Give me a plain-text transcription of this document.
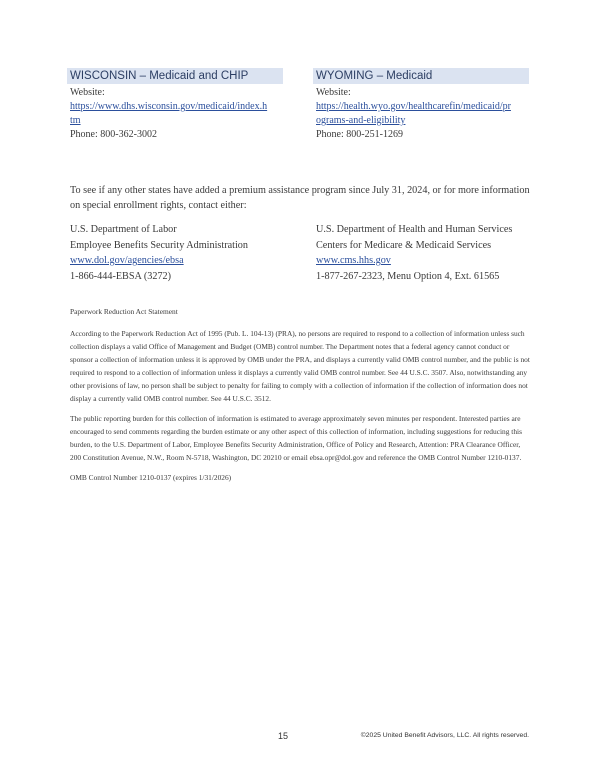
WISCONSIN – Medicaid and CHIP
Website:
https://www.dhs.wisconsin.gov/medicaid/index.h
tm
Phone: 800-362-3002
WYOMING – Medicaid
Website:
https://health.wyo.gov/healthcarefin/medicaid/pr
ograms-and-eligibility
Phone: 800-251-1269
To see if any other states have added a premium assistance program since July 31, 2024, or for more information on special enrollment rights, contact either:
U.S. Department of Labor
Employee Benefits Security Administration
www.dol.gov/agencies/ebsa
1-866-444-EBSA (3272)
U.S. Department of Health and Human Services
Centers for Medicare & Medicaid Services
www.cms.hhs.gov
1-877-267-2323, Menu Option 4, Ext. 61565

Paperwork Reduction Act Statement

According to the Paperwork Reduction Act of 1995 (Pub. L. 104-13) (PRA), no persons are required to respond to a collection of information unless such collection displays a valid Office of Management and Budget (OMB) control number. The Department notes that a federal agency cannot conduct or sponsor a collection of information unless it is approved by OMB under the PRA, and displays a currently valid OMB control number, and the public is not required to respond to a collection of information unless it displays a currently valid OMB control number. See 44 U.S.C. 3507. Also, notwithstanding any other provisions of law, no person shall be subject to penalty for failing to comply with a collection of information if the collection of information does not display a currently valid OMB control number. See 44 U.S.C. 3512.

The public reporting burden for this collection of information is estimated to average approximately seven minutes per respondent. Interested parties are encouraged to send comments regarding the burden estimate or any other aspect of this collection of information, including suggestions for reducing this burden, to the U.S. Department of Labor, Employee Benefits Security Administration, Office of Policy and Research, Attention: PRA Clearance Officer, 200 Constitution Avenue, N.W., Room N-5718, Washington, DC 20210 or email ebsa.opr@dol.gov and reference the OMB Control Number 1210-0137.

OMB Control Number 1210-0137 (expires 1/31/2026)

15	©2025 United Benefit Advisors, LLC. All rights reserved.
